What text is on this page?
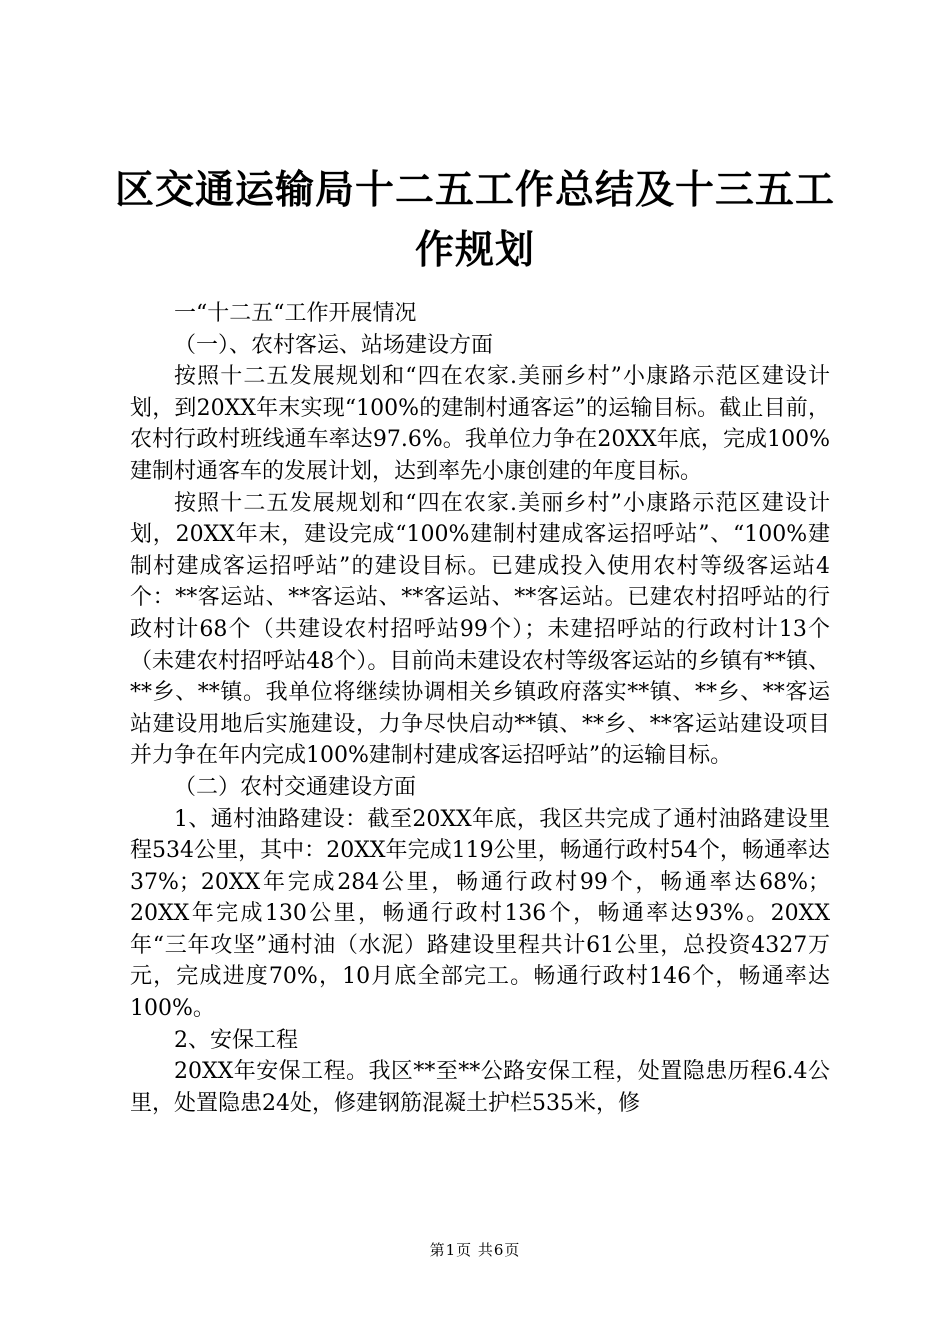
区交通运输局十二五工作总结及十三五工作规划

一“十二五“工作开展情况

（一）、农村客运、站场建设方面

按照十二五发展规划和“四在农家.美丽乡村”小康路示范区建设计划，到20XX年末实现“100%的建制村通客运”的运输目标。截止目前，农村行政村班线通车率达97.6%。我单位力争在20XX年底，完成100%建制村通客车的发展计划，达到率先小康创建的年度目标。

按照十二五发展规划和“四在农家.美丽乡村”小康路示范区建设计划，20XX年末，建设完成“100%建制村建成客运招呼站”、“100%建制村建成客运招呼站”的建设目标。已建成投入使用农村等级客运站4个：**客运站、**客运站、**客运站、**客运站。已建农村招呼站的行政村计68个（共建设农村招呼站99个）；未建招呼站的行政村计13个（未建农村招呼站48个）。目前尚未建设农村等级客运站的乡镇有**镇、**乡、**镇。我单位将继续协调相关乡镇政府落实**镇、**乡、**客运站建设用地后实施建设，力争尽快启动**镇、**乡、**客运站建设项目并力争在年内完成100%建制村建成客运招呼站”的运输目标。

（二）农村交通建设方面

1、通村油路建设：截至20XX年底，我区共完成了通村油路建设里程534公里，其中：20XX年完成119公里，畅通行政村54个，畅通率达37%；20XX年完成284公里，畅通行政村99个，畅通率达68%；20XX年完成130公里，畅通行政村136个，畅通率达93%。20XX年“三年攻坚”通村油（水泥）路建设里程共计61公里，总投资4327万元，完成进度70%，10月底全部完工。畅通行政村146个，畅通率达100%。

2、安保工程

20XX年安保工程。我区**至**公路安保工程，处置隐患历程6.4公里，处置隐患24处，修建钢筋混凝土护栏535米，修

第1页 共6页
